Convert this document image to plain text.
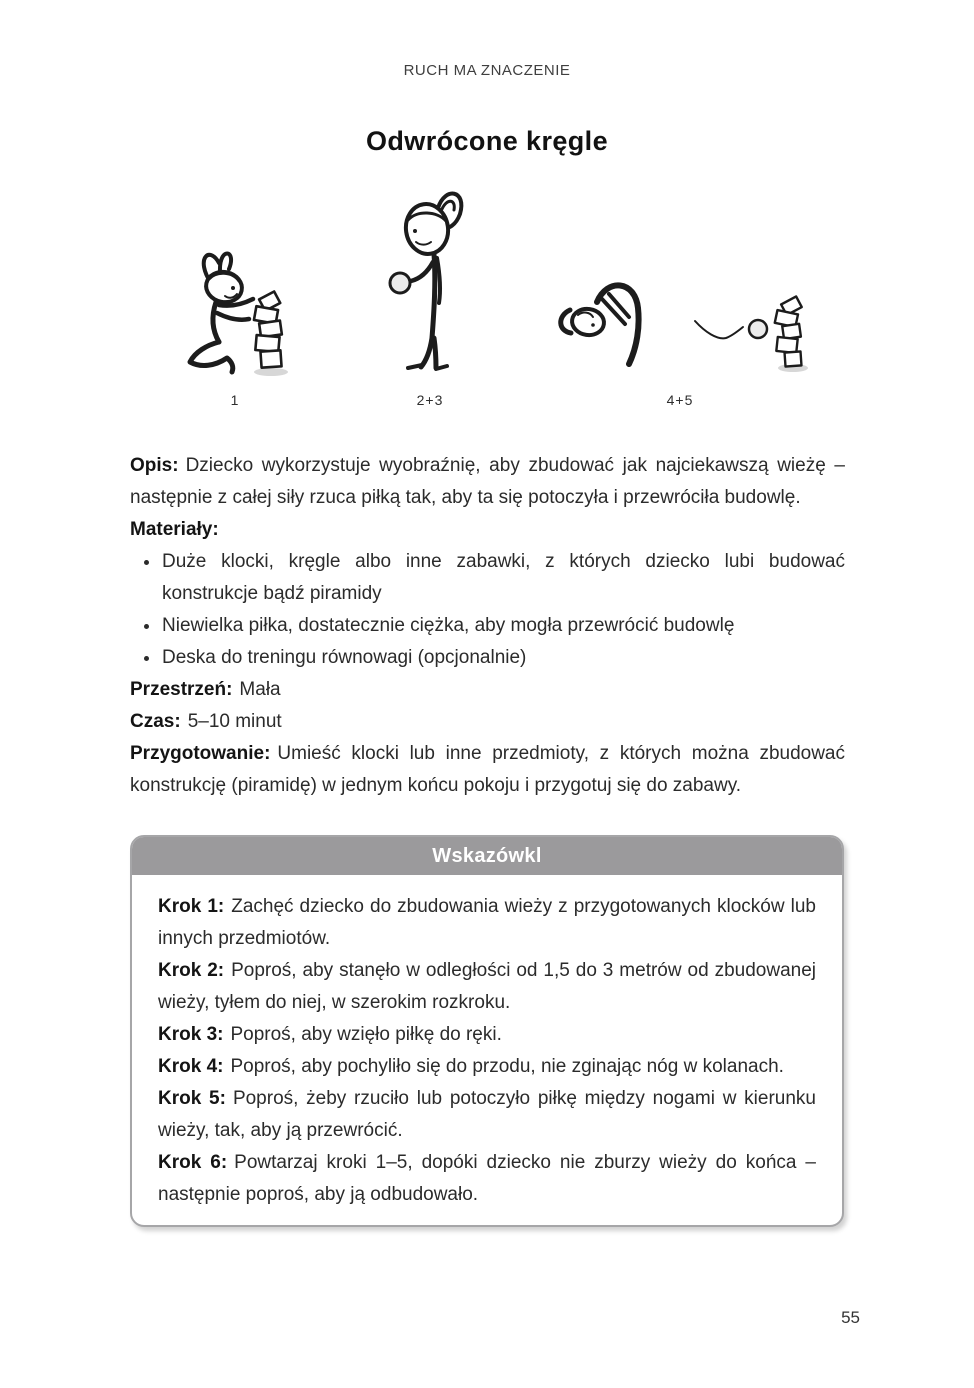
RUCH MA ZNACZENIE
Odwrócone kręgle
1	2+3	4+5

Opis: Dziecko wykorzystuje wyobraźnię, aby zbudować jak najciekawszą wieżę – następnie z całej siły rzuca piłką tak, aby ta się potoczyła i przewróciła budowlę.

Materiały:

• Duże klocki, kręgle albo inne zabawki, z których dziecko lubi budować konstrukcje bądź piramidy
• Niewielka piłka, dostatecznie ciężka, aby mogła przewrócić budowlę
• Deska do treningu równowagi (opcjonalnie)

Przestrzeń: Mała

Czas: 5–10 minut

Przygotowanie: Umieść klocki lub inne przedmioty, z których można zbudować konstrukcję (piramidę) w jednym końcu pokoju i przygotuj się do zabawy.

Wskazówkl

Krok 1: Zachęć dziecko do zbudowania wieży z przygotowanych klocków lub innych przedmiotów.

Krok 2: Poproś, aby stanęło w odległości od 1,5 do 3 metrów od zbudowanej wieży, tyłem do niej, w szerokim rozkroku.

Krok 3: Poproś, aby wzięło piłkę do ręki.

Krok 4: Poproś, aby pochyliło się do przodu, nie zginając nóg w kolanach.

Krok 5: Poproś, żeby rzuciło lub potoczyło piłkę między nogami w kierunku wieży, tak, aby ją przewrócić.

Krok 6: Powtarzaj kroki 1–5, dopóki dziecko nie zburzy wieży do końca – następnie poproś, aby ją odbudowało.

55
